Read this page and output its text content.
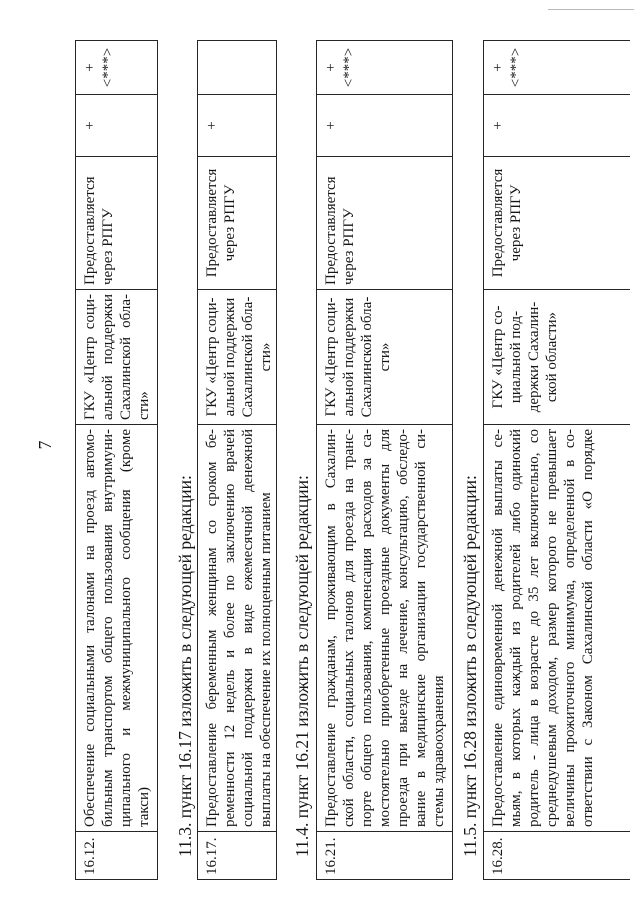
7
16.12.
Обеспечение социальными талонами на проезд автомо- бильным транспортом общего пользования внутримуни- ципального и межмуниципального сообщения (кроме такси)
ГКУ «Центр соци- альной поддержки Сахалинской обла- сти»
Предоставляется через РПГУ
+
+ <***>
11.3. пункт 16.17 изложить в следующей редакции: 16.17.
Предоставление беременным женщинам со сроком бе- ременности 12 недель и более по заключению врачей социальной поддержки в виде ежемесячной денежной выплаты на обеспечение их полноценным питанием
ГКУ «Центр соци- альной поддержки Сахалинской обла- сти»
Предоставляется через РПГУ
+
11.4. пункт 16.21 изложить в следующей редакции: 16.21.
Предоставление гражданам, проживающим в Сахалин- ской области, социальных талонов для проезда на транс- порте общего пользования, компенсация расходов за са- мостоятельно приобретенные проездные документы для проезда при выезде на лечение, консультацию, обследо- вание в медицинские организации государственной си- стемы здравоохранения
ГКУ «Центр соци- альной поддержки Сахалинской обла- сти»
Предоставляется через РПГУ
+
+ <***>
11.5. пункт 16.28 изложить в следующей редакции: 16.28.
Предоставление единовременной денежной выплаты се- мьям, в которых каждый из родителей либо одинокий родитель - лица в возрасте до 35 лет включительно, со среднедушевым доходом, размер которого не превышает величины прожиточного минимума, определенной в со- ответствии с Законом Сахалинской области «О порядке
ГКУ «Центр со- циальной под- держки Сахалин- ской области»
Предоставляется через РПГУ
+
+ <***>
